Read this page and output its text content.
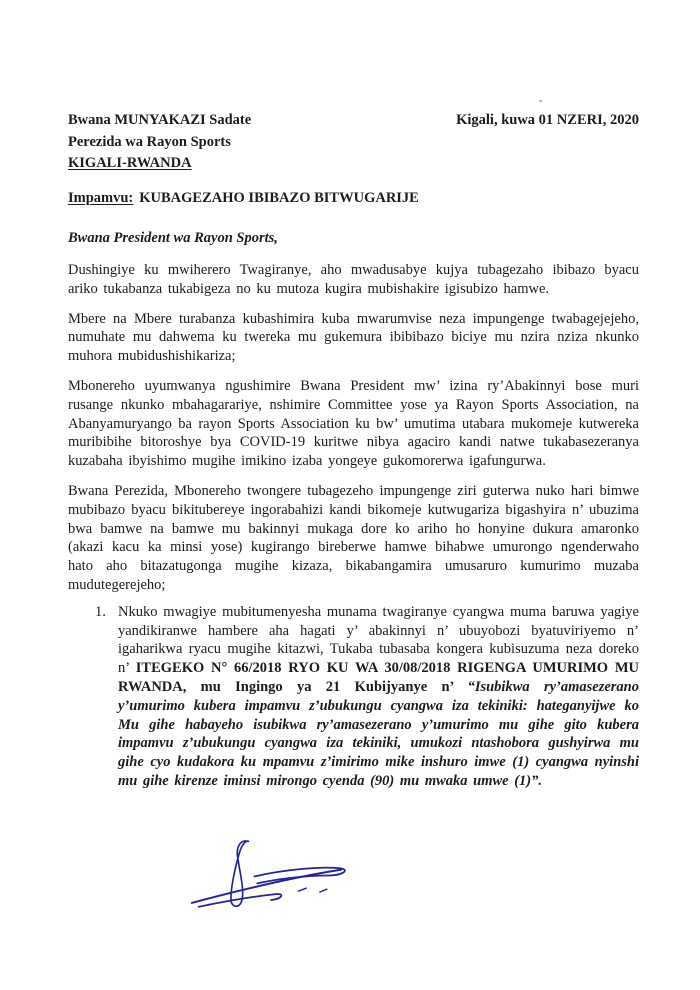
Bwana MUNYAKAZI Sadate
Perezida wa Rayon Sports
KIGALI-RWANDA
Kigali, kuwa 01 NZERI, 2020
Impamvu: KUBAGEZAHO IBIBAZO BITWUGARIJE
Bwana President wa Rayon Sports,

Dushingiye ku mwiherero Twagiranye, aho mwadusabye kujya tubagezaho ibibazo byacu ariko tukabanza tukabigeza no ku mutoza kugira mubishakire igisubizo hamwe.

Mbere na Mbere turabanza kubashimira kuba mwarumvise neza impungenge twabagejejeho, numuhate mu dahwema ku twereka mu gukemura ibibibazo biciye mu nzira nziza nkunko muhora mubidushishikariza;

Mbonereho uyumwanya ngushimire Bwana President mw’ izina ry’Abakinnyi bose muri rusange nkunko mbahagarariye, nshimire Committee yose ya Rayon Sports Association, na Abanyamuryango ba rayon Sports Association ku bw’ umutima utabara mukomeje kutwereka muribibihe bitoroshye bya COVID-19 kuritwe nibya agaciro kandi natwe tukabasezeranya kuzabaha ibyishimo mugihe imikino izaba yongeye gukomorerwa igafungurwa.

Bwana Perezida, Mbonereho twongere tubagezeho impungenge ziri guterwa nuko hari bimwe mubibazo byacu bikitubereye ingorabahizi kandi bikomeje kutwugariza bigashyira n’ ubuzima bwa bamwe na bamwe mu bakinnyi mukaga dore ko ariho ho honyine dukura amaronko (akazi kacu ka minsi yose) kugirango bireberwe hamwe bihabwe umurongo ngenderwaho hato aho bitazatugonga mugihe kizaza, bikabangamira umusaruro kumurimo muzaba mudutegerejeho;

1. Nkuko mwagiye mubitumenyesha munama twagiranye cyangwa muma baruwa yagiye yandikiranwe hambere aha hagati y’ abakinnyi n’ ubuyobozi byatuviriyemo n’ igaharikwa ryacu mugihe kitazwi, Tukaba tubasaba kongera kubisuzuma neza doreko n’ ITEGEKO N° 66/2018 RYO KU WA 30/08/2018 RIGENGA UMURIMO MU RWANDA, mu Ingingo ya 21 Kubijyanye n’ “Isubikwa ry’amasezerano y’umurimo kubera impamvu z’ubukungu cyangwa iza tekiniki: hateganyijwe ko Mu gihe habayeho isubikwa ry’amasezerano y’umurimo mu gihe gito kubera impamvu z’ubukungu cyangwa iza tekiniki, umukozi ntashobora gushyirwa mu gihe cyo kudakora ku mpamvu z’imirimo mike inshuro imwe (1) cyangwa nyinshi mu gihe kirenze iminsi mirongo cyenda (90) mu mwaka umwe (1)”.
